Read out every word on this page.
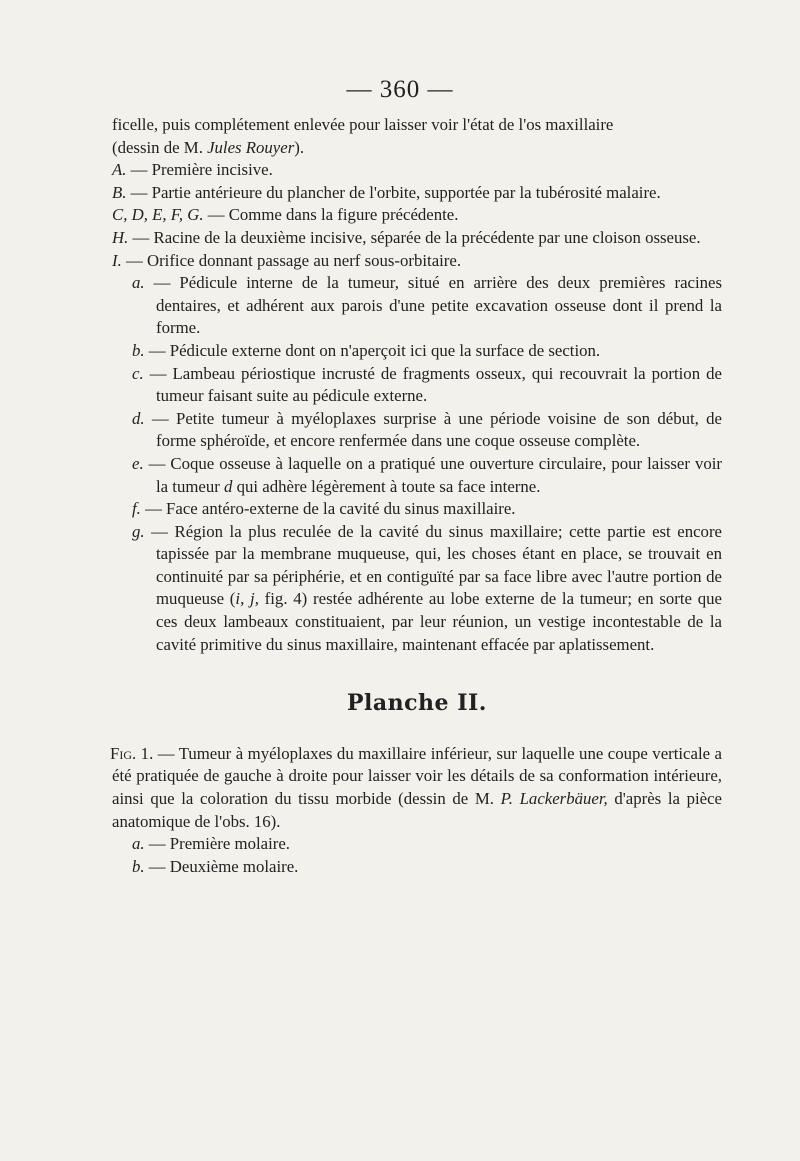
— 360 —

ficelle, puis complétement enlevée pour laisser voir l'état de l'os maxillaire
(dessin de M. Jules Rouyer).

A. — Première incisive.

B. — Partie antérieure du plancher de l'orbite, supportée par la tubérosité malaire.

C, D, E, F, G. — Comme dans la figure précédente.

H. — Racine de la deuxième incisive, séparée de la précédente par une cloison osseuse.

I. — Orifice donnant passage au nerf sous-orbitaire.

a. — Pédicule interne de la tumeur, situé en arrière des deux premières racines dentaires, et adhérent aux parois d'une petite excavation osseuse dont il prend la forme.

b. — Pédicule externe dont on n'aperçoit ici que la surface de section.

c. — Lambeau périostique incrusté de fragments osseux, qui recouvrait la portion de tumeur faisant suite au pédicule externe.

d. — Petite tumeur à myéloplaxes surprise à une période voisine de son début, de forme sphéroïde, et encore renfermée dans une coque osseuse complète.

e. — Coque osseuse à laquelle on a pratiqué une ouverture circulaire, pour laisser voir la tumeur d qui adhère légèrement à toute sa face interne.

f. — Face antéro-externe de la cavité du sinus maxillaire.

g. — Région la plus reculée de la cavité du sinus maxillaire; cette partie est encore tapissée par la membrane muqueuse, qui, les choses étant en place, se trouvait en continuité par sa périphérie, et en contiguïté par sa face libre avec l'autre portion de muqueuse (i, j, fig. 4) restée adhérente au lobe externe de la tumeur; en sorte que ces deux lambeaux constituaient, par leur réunion, un vestige incontestable de la cavité primitive du sinus maxillaire, maintenant effacée par aplatissement.

Planche II.

Fig. 1. — Tumeur à myéloplaxes du maxillaire inférieur, sur laquelle une coupe verticale a été pratiquée de gauche à droite pour laisser voir les détails de sa conformation intérieure, ainsi que la coloration du tissu morbide (dessin de M. P. Lackerbäuer, d'après la pièce anatomique de l'obs. 16).

a. — Première molaire.

b. — Deuxième molaire.
